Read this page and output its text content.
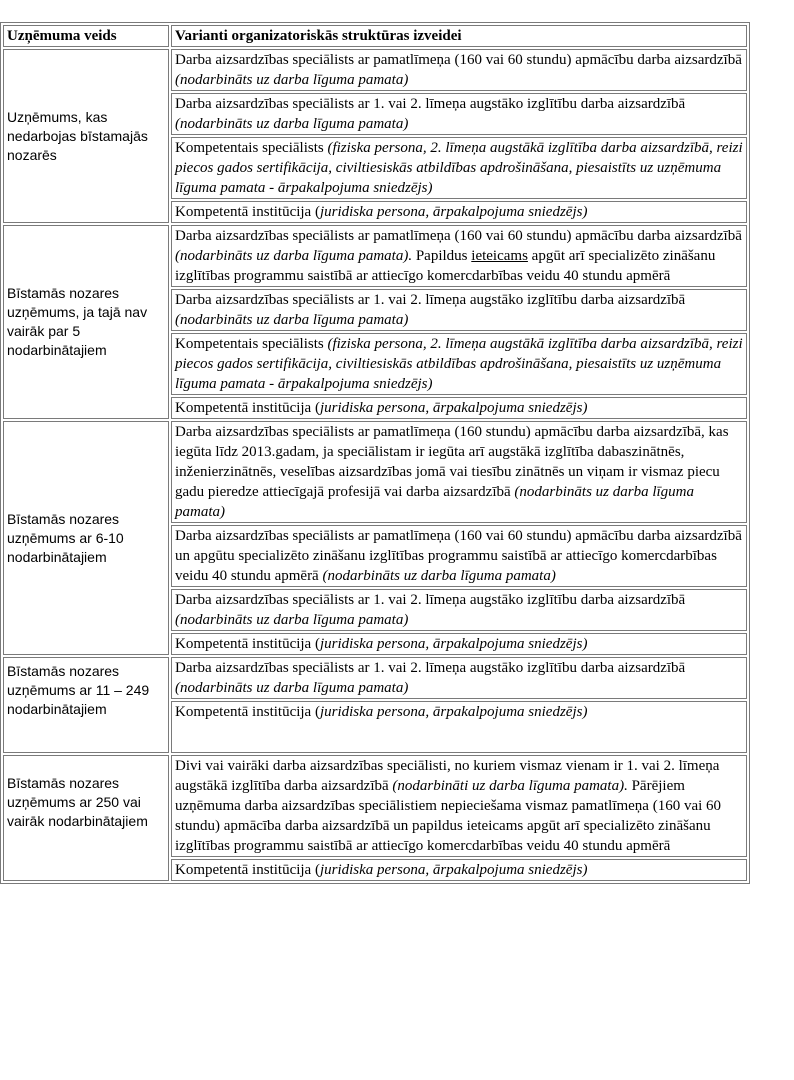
Uzņēmuma veids	Varianti organizatoriskās struktūras izveidei
Uzņēmums, kas nedarbojas bīstamajās nozarēs	Darba aizsardzības speciālists ar pamatlīmeņa (160 vai 60 stundu) apmācību darba aizsardzībā (nodarbināts uz darba līguma pamata)
	Darba aizsardzības speciālists ar 1. vai 2. līmeņa augstāko izglītību darba aizsardzībā (nodarbināts uz darba līguma pamata)
	Kompetentais speciālists (fiziska persona, 2. līmeņa augstākā izglītība darba aizsardzībā, reizi piecos gados sertifikācija, civiltiesiskās atbildības apdrošināšana, piesaistīts uz uzņēmuma līguma pamata - ārpakalpojuma sniedzējs)
	Kompetentā institūcija (juridiska persona, ārpakalpojuma sniedzējs)
Bīstamās nozares uzņēmums, ja tajā nav vairāk par 5 nodarbinātajiem	Darba aizsardzības speciālists ar pamatlīmeņa (160 vai 60 stundu) apmācību darba aizsardzībā (nodarbināts uz darba līguma pamata). Papildus ieteicams apgūt arī specializēto zināšanu izglītības programmu saistībā ar attiecīgo komercdarbības veidu 40 stundu apmērā
	Darba aizsardzības speciālists ar 1. vai 2. līmeņa augstāko izglītību darba aizsardzībā (nodarbināts uz darba līguma pamata)
	Kompetentais speciālists (fiziska persona, 2. līmeņa augstākā izglītība darba aizsardzībā, reizi piecos gados sertifikācija, civiltiesiskās atbildības apdrošināšana, piesaistīts uz uzņēmuma līguma pamata - ārpakalpojuma sniedzējs)
	Kompetentā institūcija (juridiska persona, ārpakalpojuma sniedzējs)
Bīstamās nozares uzņēmums ar 6-10 nodarbinātajiem	Darba aizsardzības speciālists ar pamatlīmeņa (160 stundu) apmācību darba aizsardzībā, kas iegūta līdz 2013.gadam, ja speciālistam ir iegūta arī augstākā izglītība dabaszinātnēs, inženierzinātnēs, veselības aizsardzības jomā vai tiesību zinātnēs un viņam ir vismaz piecu gadu pieredze attiecīgajā profesijā vai darba aizsardzībā (nodarbināts uz darba līguma pamata)
	Darba aizsardzības speciālists ar pamatlīmeņa (160 vai 60 stundu) apmācību darba aizsardzībā un apgūtu specializēto zināšanu izglītības programmu saistībā ar attiecīgo komercdarbības veidu 40 stundu apmērā (nodarbināts uz darba līguma pamata)
	Darba aizsardzības speciālists ar 1. vai 2. līmeņa augstāko izglītību darba aizsardzībā (nodarbināts uz darba līguma pamata)
	Kompetentā institūcija (juridiska persona, ārpakalpojuma sniedzējs)
Bīstamās nozares uzņēmums ar 11 – 249 nodarbinātajiem	Darba aizsardzības speciālists ar 1. vai 2. līmeņa augstāko izglītību darba aizsardzībā (nodarbināts uz darba līguma pamata)
	Kompetentā institūcija (juridiska persona, ārpakalpojuma sniedzējs)
Bīstamās nozares uzņēmums ar 250 vai vairāk nodarbinātajiem	Divi vai vairāki darba aizsardzības speciālisti, no kuriem vismaz vienam ir 1. vai 2. līmeņa augstākā izglītība darba aizsardzībā (nodarbināti uz darba līguma pamata). Pārējiem uzņēmuma darba aizsardzības speciālistiem nepieciešama vismaz pamatlīmeņa (160 vai 60 stundu) apmācība darba aizsardzībā un papildus ieteicams apgūt arī specializēto zināšanu izglītības programmu saistībā ar attiecīgo komercdarbības veidu 40 stundu apmērā
	Kompetentā institūcija (juridiska persona, ārpakalpojuma sniedzējs)
